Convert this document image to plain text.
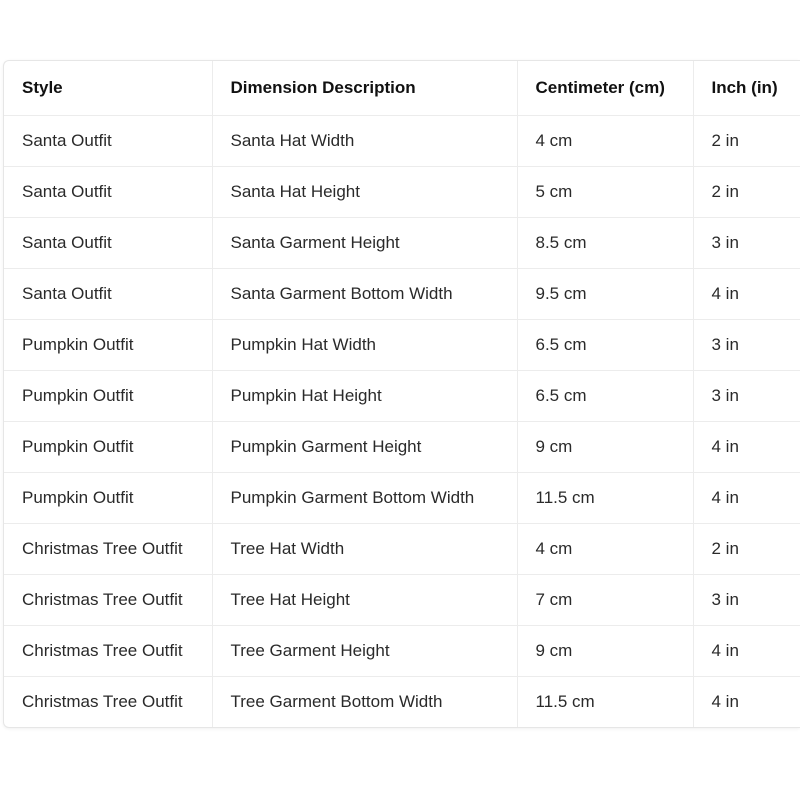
Style	Dimension Description	Centimeter (cm)	Inch (in)
Santa Outfit	Santa Hat Width	4 cm	2 in
Santa Outfit	Santa Hat Height	5 cm	2 in
Santa Outfit	Santa Garment Height	8.5 cm	3 in
Santa Outfit	Santa Garment Bottom Width	9.5 cm	4 in
Pumpkin Outfit	Pumpkin Hat Width	6.5 cm	3 in
Pumpkin Outfit	Pumpkin Hat Height	6.5 cm	3 in
Pumpkin Outfit	Pumpkin Garment Height	9 cm	4 in
Pumpkin Outfit	Pumpkin Garment Bottom Width	11.5 cm	4 in
Christmas Tree Outfit	Tree Hat Width	4 cm	2 in
Christmas Tree Outfit	Tree Hat Height	7 cm	3 in
Christmas Tree Outfit	Tree Garment Height	9 cm	4 in
Christmas Tree Outfit	Tree Garment Bottom Width	11.5 cm	4 in
